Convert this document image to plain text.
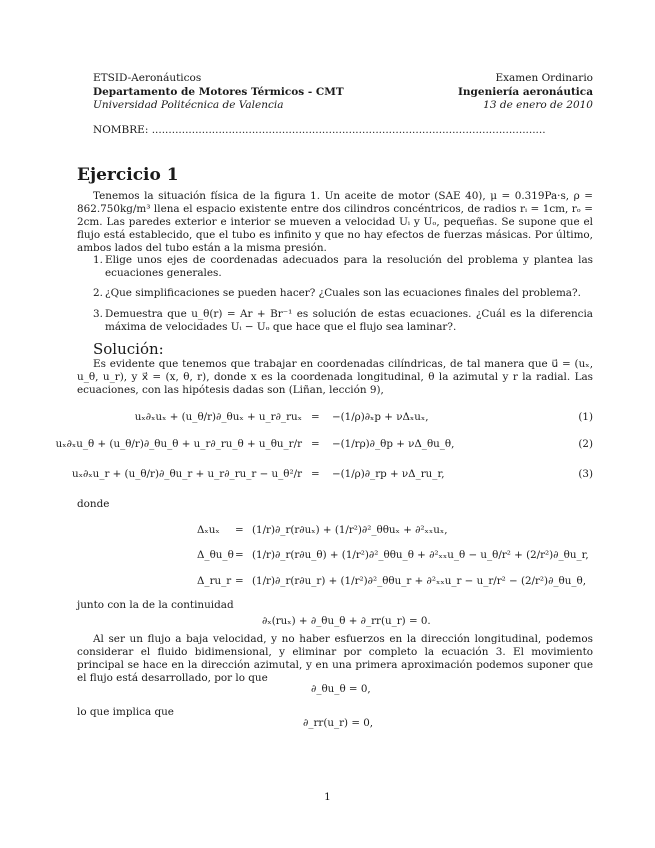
ETSID-Aeronáuticos
Departamento de Motores Térmicos - CMT
Universidad Politécnica de Valencia
Examen Ordinario
Ingeniería aeronáutica
13 de enero de 2010
NOMBRE: ......................................................................................................................
Ejercicio 1
Tenemos la situación física de la figura 1. Un aceite de motor (SAE 40), μ = 0.319Pa·s, ρ = 862.750kg/m³ llena el espacio existente entre dos cilindros concéntricos, de radios rᵢ = 1cm, rₒ = 2cm. Las paredes exterior e interior se mueven a velocidad Uᵢ y Uₒ, pequeñas. Se supone que el flujo está establecido, que el tubo es infinito y que no hay efectos de fuerzas másicas. Por último, ambos lados del tubo están a la misma presión.
1. Elige unos ejes de coordenadas adecuados para la resolución del problema y plantea las ecuaciones generales.
2. ¿Que simplificaciones se pueden hacer? ¿Cuales son las ecuaciones finales del problema?.
3. Demuestra que u_θ(r) = Ar + Br⁻¹ es solución de estas ecuaciones. ¿Cuál es la diferencia máxima de velocidades Uᵢ − Uₒ que hace que el flujo sea laminar?.
Solución:
Es evidente que tenemos que trabajar en coordenadas cilíndricas, de tal manera que u⃗ = (uₓ, u_θ, u_r), y x⃗ = (x, θ, r), donde x es la coordenada longitudinal, θ la azimutal y r la radial. Las ecuaciones, con las hipótesis dadas son (Liñan, lección 9),
uₓ∂ₓuₓ + (u_θ/r)∂_θuₓ + u_r∂_ruₓ = −(1/ρ)∂ₓp + νΔₓuₓ,	(1)
uₓ∂ₓu_θ + (u_θ/r)∂_θu_θ + u_r∂_ru_θ + u_θu_r/r = −(1/rρ)∂_θp + νΔ_θu_θ,	(2)
uₓ∂ₓu_r + (u_θ/r)∂_θu_r + u_r∂_ru_r − u_θ²/r = −(1/ρ)∂_rp + νΔ_ru_r,	(3)
donde
Δₓuₓ = (1/r)∂_r(r∂uₓ) + (1/r²)∂²_θθuₓ + ∂²ₓₓuₓ,
Δ_θu_θ = (1/r)∂_r(r∂u_θ) + (1/r²)∂²_θθu_θ + ∂²ₓₓu_θ − u_θ/r² + (2/r²)∂_θu_r,
Δ_ru_r = (1/r)∂_r(r∂u_r) + (1/r²)∂²_θθu_r + ∂²ₓₓu_r − u_r/r² − (2/r²)∂_θu_θ,
junto con la de la continuidad
∂ₓ(ruₓ) + ∂_θu_θ + ∂_rr(u_r) = 0.
Al ser un flujo a baja velocidad, y no haber esfuerzos en la dirección longitudinal, podemos considerar el fluido bidimensional, y eliminar por completo la ecuación 3. El movimiento principal se hace en la dirección azimutal, y en una primera aproximación podemos suponer que el flujo está desarrollado, por lo que
∂_θu_θ = 0,
lo que implica que
∂_rr(u_r) = 0,
1
